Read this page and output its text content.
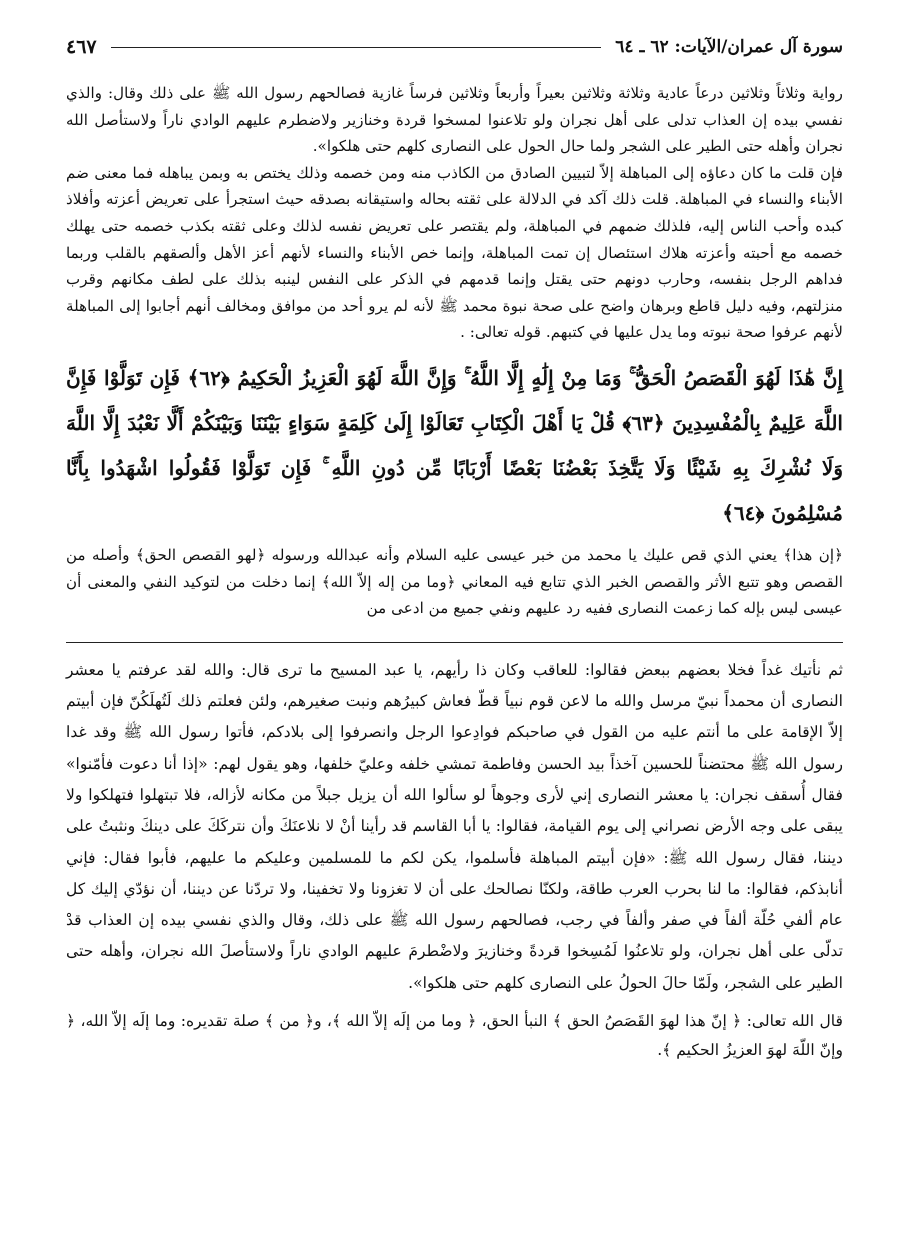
سورة آل عمران/الآيات: ٦٢ ـ ٦٤
٤٦٧

رواية وثلاثاً وثلاثين درعاً عادية وثلاثة وثلاثين بعيراً وأربعاً وثلاثين فرساً غازية فصالحهم رسول الله ﷺ على ذلك وقال: والذي نفسي بيده إن العذاب تدلى على أهل نجران ولو تلاعنوا لمسخوا قردة وخنازير ولاضطرم عليهم الوادي ناراً ولاستأصل الله نجران وأهله حتى الطير على الشجر ولما حال الحول على النصارى كلهم حتى هلكوا».

فإن قلت ما كان دعاؤه إلى المباهلة إلاّ لتبيين الصادق من الكاذب منه ومن خصمه وذلك يختص به وبمن يباهله فما معنى ضم الأبناء والنساء في المباهلة. قلت ذلك آكد في الدلالة على ثقته بحاله واستيقانه بصدقه حيث استجرأ على تعريض أعزته وأفلاذ كبده وأحب الناس إليه، فلذلك ضمهم في المباهلة، ولم يقتصر على تعريض نفسه لذلك وعلى ثقته بكذب خصمه حتى يهلك خصمه مع أحبته وأعزته هلاك استئصال إن تمت المباهلة، وإنما خص الأبناء والنساء لأنهم أعز الأهل وألصقهم بالقلب وربما فداهم الرجل بنفسه، وحارب دونهم حتى يقتل وإنما قدمهم في الذكر على النفس لينبه بذلك على لطف مكانهم وقرب منزلتهم، وفيه دليل قاطع وبرهان واضح على صحة نبوة محمد ﷺ لأنه لم يرو أحد من موافق ومخالف أنهم أجابوا إلى المباهلة لأنهم عرفوا صحة نبوته وما يدل عليها في كتبهم. قوله تعالى: .

إِنَّ هَٰذَا لَهُوَ الْقَصَصُ الْحَقُّ ۚ وَمَا مِنْ إِلَٰهٍ إِلَّا اللَّهُ ۚ وَإِنَّ اللَّهَ لَهُوَ الْعَزِيزُ الْحَكِيمُ ﴿٦٢﴾ فَإِن تَوَلَّوْا فَإِنَّ اللَّهَ عَلِيمٌ بِالْمُفْسِدِينَ ﴿٦٣﴾ قُلْ يَا أَهْلَ الْكِتَابِ تَعَالَوْا إِلَىٰ كَلِمَةٍ سَوَاءٍ بَيْنَنَا وَبَيْنَكُمْ أَلَّا نَعْبُدَ إِلَّا اللَّهَ وَلَا نُشْرِكَ بِهِ شَيْئًا وَلَا يَتَّخِذَ بَعْضُنَا بَعْضًا أَرْبَابًا مِّن دُونِ اللَّهِ ۚ فَإِن تَوَلَّوْا فَقُولُوا اشْهَدُوا بِأَنَّا مُسْلِمُونَ ﴿٦٤﴾

﴿إن هذا﴾ يعني الذي قص عليك يا محمد من خبر عيسى عليه السلام وأنه عبدالله ورسوله ﴿لهو القصص الحق﴾ وأصله من القصص وهو تتبع الأثر والقصص الخبر الذي تتابع فيه المعاني ﴿وما من إله إلاّ الله﴾ إنما دخلت من لتوكيد النفي والمعنى أن عيسى ليس بإله كما زعمت النصارى ففيه رد عليهم ونفي جميع من ادعى من

ثم نأتيك غداً فخلا بعضهم ببعض فقالوا: للعاقب وكان ذا رأيهم، يا عبد المسيح ما ترى قال: والله لقد عرفتم يا معشر النصارى أن محمداً نبيّ مرسل والله ما لاعن قوم نبياً قطّ فعاش كبيرُهم ونبت صغيرهم، ولئن فعلتم ذلك لَتُهلَكُنّ فإن أبيتم إلاّ الإقامة على ما أنتم عليه من القول في صاحبكم فوادِعوا الرجل وانصرفوا إلى بلادكم، فأتوا رسول الله ﷺ وقد غدا رسول الله ﷺ محتضناً للحسين آخذاً بيد الحسن وفاطمة تمشي خلفه وعليّ خلفها، وهو يقول لهم: «إذا أنا دعوت فأمّنوا» فقال أُسقف نجران: يا معشر النصارى إني لأرى وجوهاً لو سألوا الله أن يزيل جبلاً من مكانه لأزاله، فلا تبتهلوا فتهلكوا ولا يبقى على وجه الأرض نصراني إلى يوم القيامة، فقالوا: يا أبا القاسم قد رأينا أنْ لا نلاعنَكَ وأن نتركَكَ على دينكَ ونثبتُ على ديننا، فقال رسول الله ﷺ: «فإن أبيتم المباهلة فأسلموا، يكن لكم ما للمسلمين وعليكم ما عليهم، فأبوا فقال: فإني أنابذكم، فقالوا: ما لنا بحرب العرب طاقة، ولكنّا نصالحك على أن لا تغزونا ولا تخفينا، ولا تردّنا عن ديننا، أن نؤدّي إليك كل عام ألفي حُلّة ألفاً في صفر وألفاً في رجب، فصالحهم رسول الله ﷺ على ذلك، وقال والذي نفسي بيده إن العذاب قدْ تدلّى على أهل نجران، ولو تلاعنُوا لَمُسِخوا قردةً وخنازيرَ ولاضْطرمَ عليهم الوادي ناراً ولاستأصلَ الله نجران، وأهله حتى الطير على الشجر، ولَمّا حالَ الحولُ على النصارى كلهم حتى هلكوا».

قال الله تعالى: ﴿ إنّ هذا لهوَ القَصَصُ الحق ﴾ النبأ الحق، ﴿ وما من إلَه إلاّ الله ﴾، و﴿ من ﴾ صلة تقديره: وما إلَه إلاّ الله، ﴿ وإنّ اللّهَ لهوَ العزيزُ الحكيم ﴾.
